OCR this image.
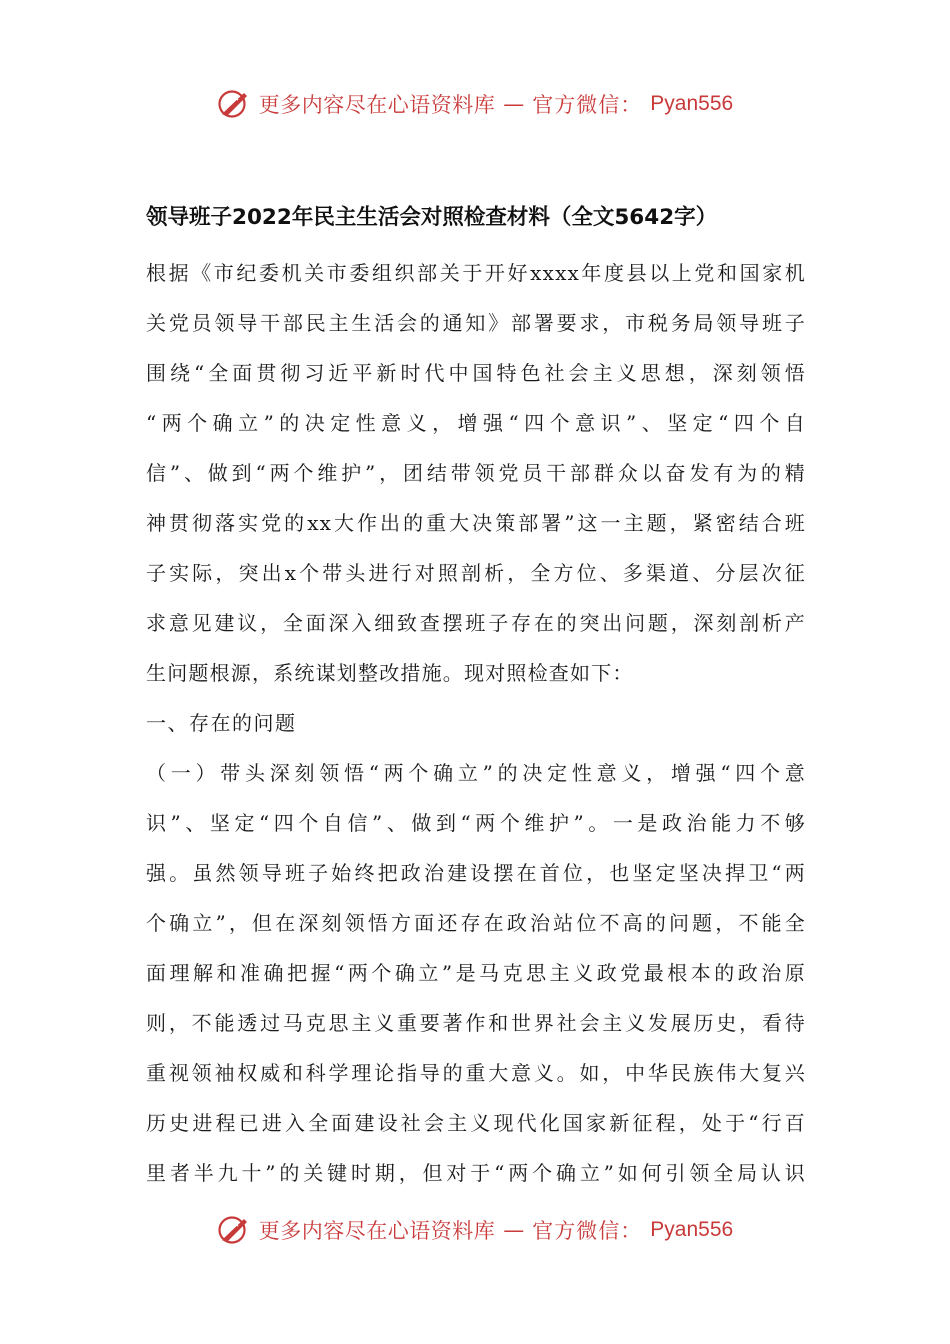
更多内容尽在心语资料库 — 官方微信： Pyan556
领导班子2022年民主生活会对照检查材料（全文5642字）
根据《市纪委机关市委组织部关于开好xxxx年度县以上党和国家机
关党员领导干部民主生活会的通知》部署要求，市税务局领导班子
围绕“全面贯彻习近平新时代中国特色社会主义思想，深刻领悟
“两个确立”的决定性意义，增强“四个意识”、坚定“四个自
信”、做到“两个维护”，团结带领党员干部群众以奋发有为的精
神贯彻落实党的xx大作出的重大决策部署”这一主题，紧密结合班
子实际，突出x个带头进行对照剖析，全方位、多渠道、分层次征
求意见建议，全面深入细致查摆班子存在的突出问题，深刻剖析产
生问题根源，系统谋划整改措施。现对照检查如下：
一、存在的问题
（一）带头深刻领悟“两个确立”的决定性意义，增强“四个意
识”、坚定“四个自信”、做到“两个维护”。一是政治能力不够
强。虽然领导班子始终把政治建设摆在首位，也坚定坚决捍卫“两
个确立”，但在深刻领悟方面还存在政治站位不高的问题，不能全
面理解和准确把握“两个确立”是马克思主义政党最根本的政治原
则，不能透过马克思主义重要著作和世界社会主义发展历史，看待
重视领袖权威和科学理论指导的重大意义。如，中华民族伟大复兴
历史进程已进入全面建设社会主义现代化国家新征程，处于“行百
里者半九十”的关键时期，但对于“两个确立”如何引领全局认识
更多内容尽在心语资料库 — 官方微信： Pyan556
